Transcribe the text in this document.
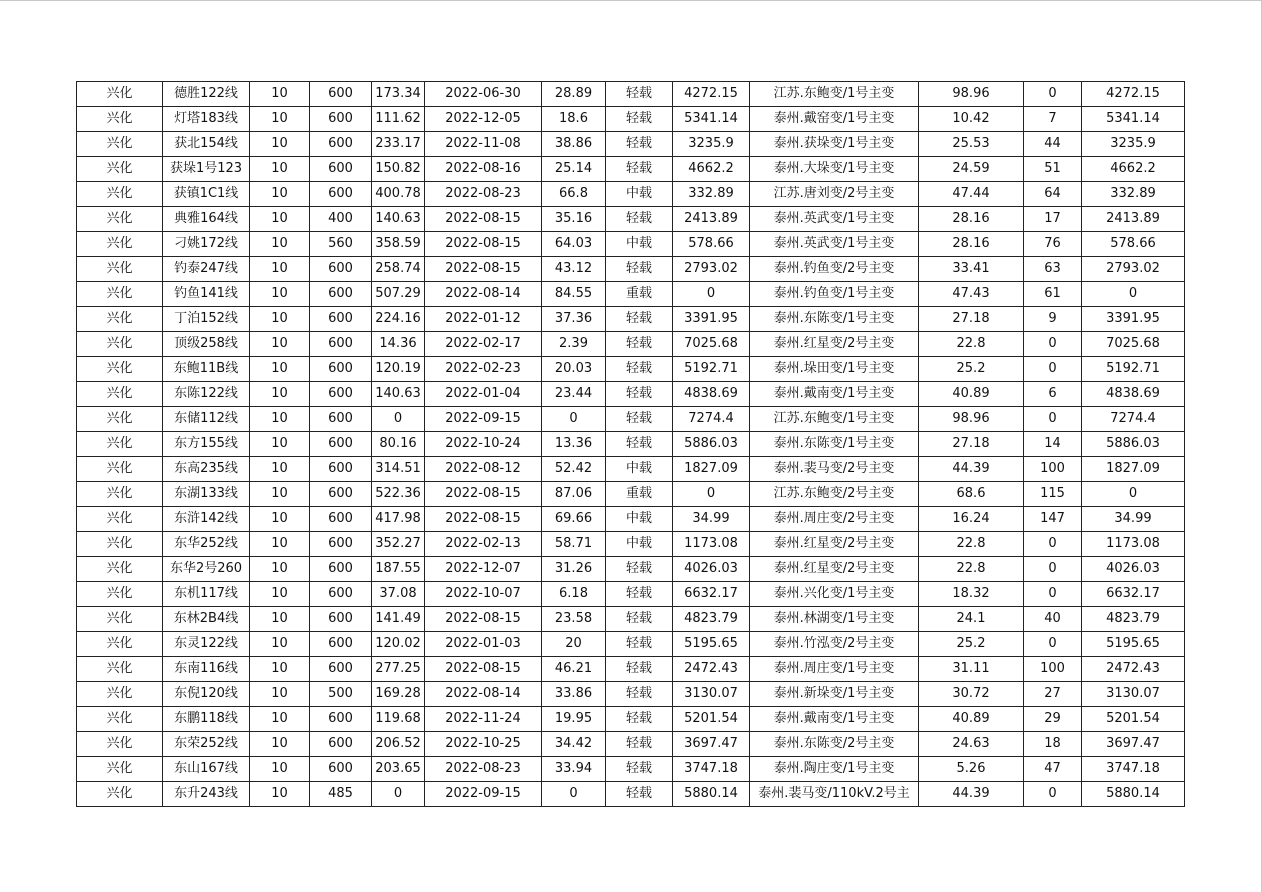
兴化	德胜122线	10	600	173.34	2022-06-30	28.89	轻载	4272.15	江苏.东鲍变/1号主变	98.96	0	4272.15
兴化	灯塔183线	10	600	111.62	2022-12-05	18.6	轻载	5341.14	泰州.戴窑变/1号主变	10.42	7	5341.14
兴化	获北154线	10	600	233.17	2022-11-08	38.86	轻载	3235.9	泰州.获垛变/1号主变	25.53	44	3235.9
兴化	获垛1号123	10	600	150.82	2022-08-16	25.14	轻载	4662.2	泰州.大垛变/1号主变	24.59	51	4662.2
兴化	获镇1C1线	10	600	400.78	2022-08-23	66.8	中载	332.89	江苏.唐刘变/2号主变	47.44	64	332.89
兴化	典雅164线	10	400	140.63	2022-08-15	35.16	轻载	2413.89	泰州.英武变/1号主变	28.16	17	2413.89
兴化	刁姚172线	10	560	358.59	2022-08-15	64.03	中载	578.66	泰州.英武变/1号主变	28.16	76	578.66
兴化	钓泰247线	10	600	258.74	2022-08-15	43.12	轻载	2793.02	泰州.钓鱼变/2号主变	33.41	63	2793.02
兴化	钓鱼141线	10	600	507.29	2022-08-14	84.55	重载	0	泰州.钓鱼变/1号主变	47.43	61	0
兴化	丁泊152线	10	600	224.16	2022-01-12	37.36	轻载	3391.95	泰州.东陈变/1号主变	27.18	9	3391.95
兴化	顶级258线	10	600	14.36	2022-02-17	2.39	轻载	7025.68	泰州.红星变/2号主变	22.8	0	7025.68
兴化	东鲍11B线	10	600	120.19	2022-02-23	20.03	轻载	5192.71	泰州.垛田变/1号主变	25.2	0	5192.71
兴化	东陈122线	10	600	140.63	2022-01-04	23.44	轻载	4838.69	泰州.戴南变/1号主变	40.89	6	4838.69
兴化	东储112线	10	600	0	2022-09-15	0	轻载	7274.4	江苏.东鲍变/1号主变	98.96	0	7274.4
兴化	东方155线	10	600	80.16	2022-10-24	13.36	轻载	5886.03	泰州.东陈变/1号主变	27.18	14	5886.03
兴化	东高235线	10	600	314.51	2022-08-12	52.42	中载	1827.09	泰州.裴马变/2号主变	44.39	100	1827.09
兴化	东湖133线	10	600	522.36	2022-08-15	87.06	重载	0	江苏.东鲍变/2号主变	68.6	115	0
兴化	东浒142线	10	600	417.98	2022-08-15	69.66	中载	34.99	泰州.周庄变/2号主变	16.24	147	34.99
兴化	东华252线	10	600	352.27	2022-02-13	58.71	中载	1173.08	泰州.红星变/2号主变	22.8	0	1173.08
兴化	东华2号260	10	600	187.55	2022-12-07	31.26	轻载	4026.03	泰州.红星变/2号主变	22.8	0	4026.03
兴化	东机117线	10	600	37.08	2022-10-07	6.18	轻载	6632.17	泰州.兴化变/1号主变	18.32	0	6632.17
兴化	东林2B4线	10	600	141.49	2022-08-15	23.58	轻载	4823.79	泰州.林湖变/1号主变	24.1	40	4823.79
兴化	东灵122线	10	600	120.02	2022-01-03	20	轻载	5195.65	泰州.竹泓变/2号主变	25.2	0	5195.65
兴化	东南116线	10	600	277.25	2022-08-15	46.21	轻载	2472.43	泰州.周庄变/1号主变	31.11	100	2472.43
兴化	东倪120线	10	500	169.28	2022-08-14	33.86	轻载	3130.07	泰州.新垛变/1号主变	30.72	27	3130.07
兴化	东鹏118线	10	600	119.68	2022-11-24	19.95	轻载	5201.54	泰州.戴南变/1号主变	40.89	29	5201.54
兴化	东荣252线	10	600	206.52	2022-10-25	34.42	轻载	3697.47	泰州.东陈变/2号主变	24.63	18	3697.47
兴化	东山167线	10	600	203.65	2022-08-23	33.94	轻载	3747.18	泰州.陶庄变/1号主变	5.26	47	3747.18
兴化	东升243线	10	485	0	2022-09-15	0	轻载	5880.14	泰州.裴马变/110kV.2号主	44.39	0	5880.14
